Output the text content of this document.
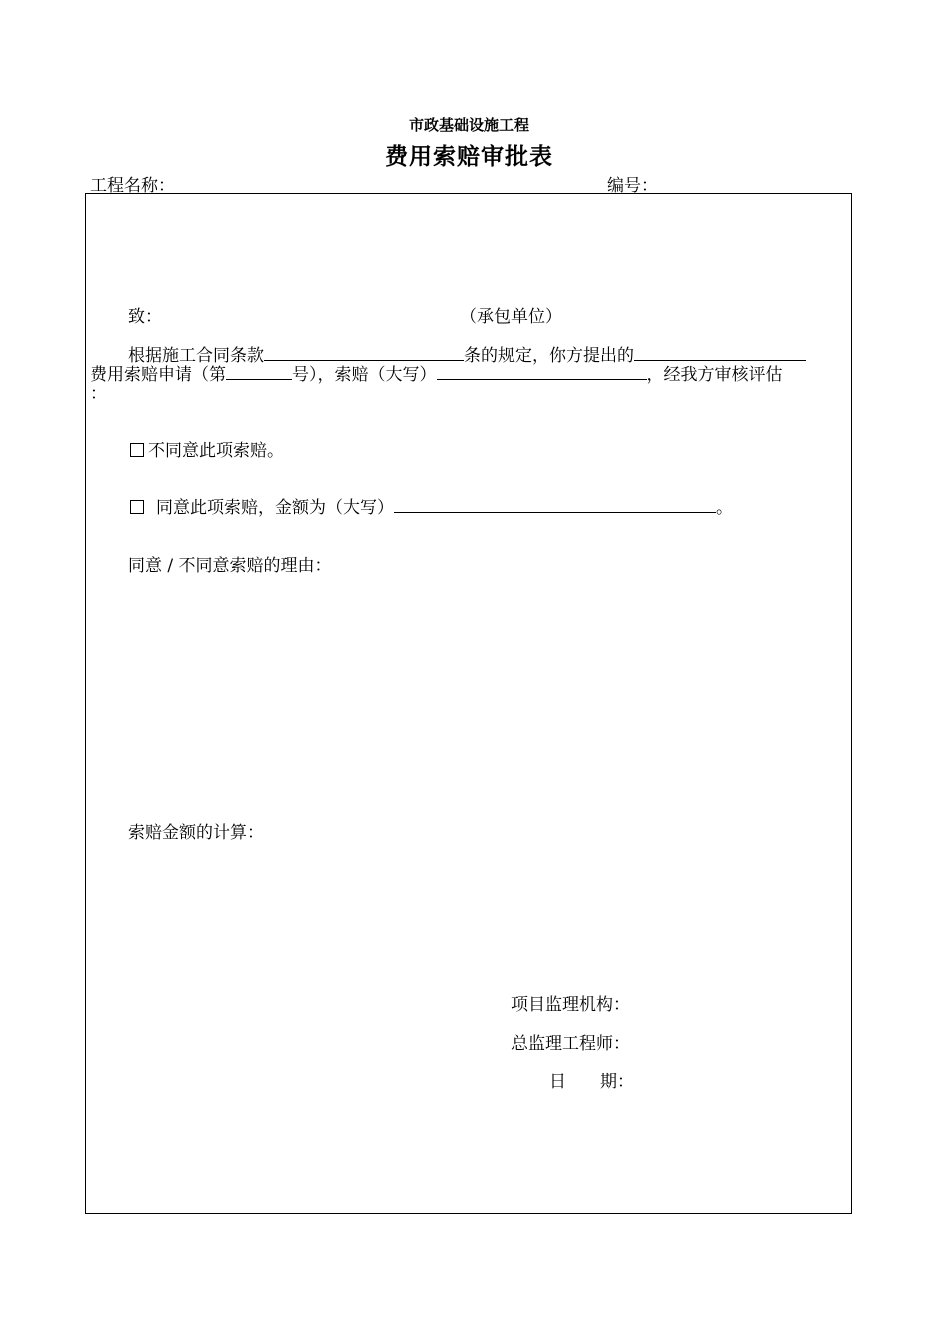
市政基础设施工程
费用索赔审批表
工程名称：	编号：
致：	（承包单位）
根据施工合同条款	条的规定，你方提出的
费用索赔申请（第	号），索赔（大写）	，经我方审核评估
：
不同意此项索赔。
同意此项索赔，金额为（大写）	。
同意 / 不同意索赔的理由：
索赔金额的计算：
项目监理机构：
总监理工程师：
日　　期：
